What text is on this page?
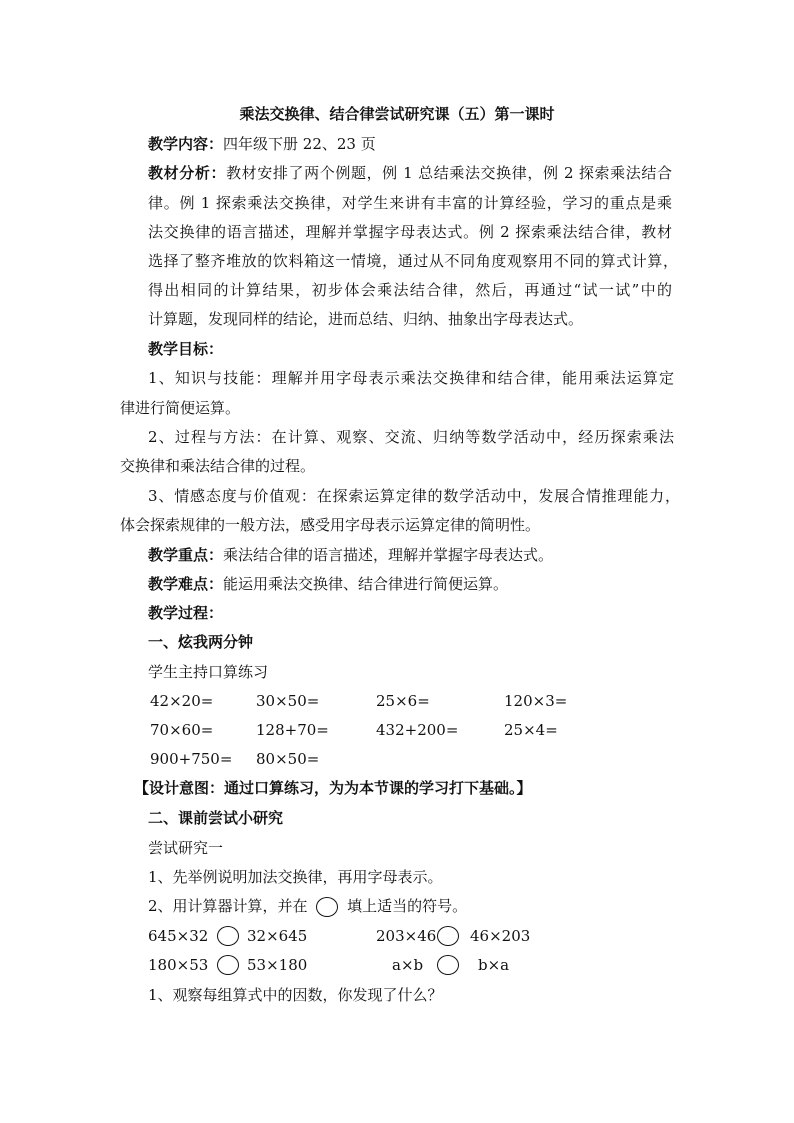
乘法交换律、结合律尝试研究课（五）第一课时
教学内容：四年级下册 22、23 页
教材分析：教材安排了两个例题，例 1 总结乘法交换律，例 2 探索乘法结合
律。例 1 探索乘法交换律，对学生来讲有丰富的计算经验，学习的重点是乘
法交换律的语言描述，理解并掌握字母表达式。例 2 探索乘法结合律，教材
选择了整齐堆放的饮料箱这一情境，通过从不同角度观察用不同的算式计算，
得出相同的计算结果，初步体会乘法结合律，然后，再通过“试一试”中的
计算题，发现同样的结论，进而总结、归纳、抽象出字母表达式。
教学目标：
1、知识与技能：理解并用字母表示乘法交换律和结合律，能用乘法运算定
律进行简便运算。
2、过程与方法：在计算、观察、交流、归纳等数学活动中，经历探索乘法
交换律和乘法结合律的过程。
3、情感态度与价值观：在探索运算定律的数学活动中，发展合情推理能力，
体会探索规律的一般方法，感受用字母表示运算定律的简明性。
教学重点：乘法结合律的语言描述，理解并掌握字母表达式。
教学难点：能运用乘法交换律、结合律进行简便运算。
教学过程：
一、炫我两分钟
学生主持口算练习
42×20=	30×50=	25×6=	120×3=
70×60=	128+70=	432+200=	25×4=
900+750= 80×50=
【设计意图：通过口算练习，为为本节课的学习打下基础。】
二、课前尝试小研究
尝试研究一
1、先举例说明加法交换律，再用字母表示。
2、用计算器计算，并在	填上适当的符号。
645×32	32×645	203×46 46×203
180×53	53×180	a×b	b×a
1、观察每组算式中的因数，你发现了什么？
